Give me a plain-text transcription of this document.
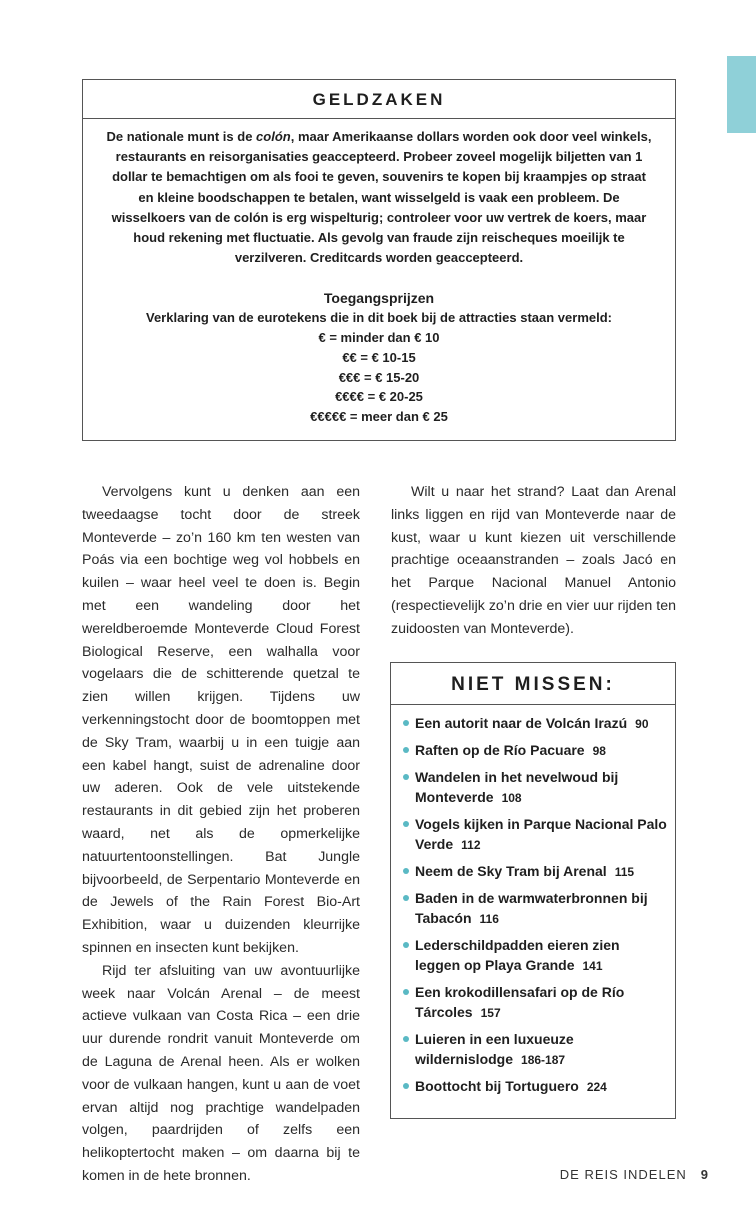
GELDZAKEN
De nationale munt is de colón, maar Amerikaanse dollars worden ook door veel winkels, restaurants en reisorganisaties geaccepteerd. Probeer zoveel mogelijk biljetten van 1 dollar te bemachtigen om als fooi te geven, souvenirs te kopen bij kraampjes op straat en kleine boodschappen te betalen, want wisselgeld is vaak een probleem. De wisselkoers van de colón is erg wispelturig; controleer voor uw vertrek de koers, maar houd rekening met fluctuatie. Als gevolg van fraude zijn reischeques moeilijk te verzilveren. Creditcards worden geaccepteerd.
Toegangsprijzen
Verklaring van de eurotekens die in dit boek bij de attracties staan vermeld:
€ = minder dan € 10
€€ = € 10-15
€€€ = € 15-20
€€€€ = € 20-25
€€€€€ = meer dan € 25

Vervolgens kunt u denken aan een tweedaagse tocht door de streek Monteverde – zo’n 160 km ten westen van Poás via een bochtige weg vol hobbels en kuilen – waar heel veel te doen is. Begin met een wandeling door het wereldberoemde Monteverde Cloud Forest Biological Reserve, een walhalla voor vogelaars die de schitterende quetzal te zien willen krijgen. Tijdens uw verkenningstocht door de boomtoppen met de Sky Tram, waarbij u in een tuigje aan een kabel hangt, suist de adrenaline door uw aderen. Ook de vele uitstekende restaurants in dit gebied zijn het proberen waard, net als de opmerkelijke natuurtentoonstellingen. Bat Jungle bijvoorbeeld, de Serpentario Monteverde en de Jewels of the Rain Forest Bio-Art Exhibition, waar u duizenden kleurrijke spinnen en insecten kunt bekijken.

Rijd ter afsluiting van uw avontuurlijke week naar Volcán Arenal – de meest actieve vulkaan van Costa Rica – een drie uur durende rondrit vanuit Monteverde om de Laguna de Arenal heen. Als er wolken voor de vulkaan hangen, kunt u aan de voet ervan altijd nog prachtige wandelpaden volgen, paardrijden of zelfs een helikoptertocht maken – om daarna bij te komen in de hete bronnen.

Wilt u naar het strand? Laat dan Arenal links liggen en rijd van Monteverde naar de kust, waar u kunt kiezen uit verschillende prachtige oceaanstranden – zoals Jacó en het Parque Nacional Manuel Antonio (respectievelijk zo’n drie en vier uur rijden ten zuidoosten van Monteverde).

NIET MISSEN:
Een autorit naar de Volcán Irazú 90
Raften op de Río Pacuare 98
Wandelen in het nevelwoud bij Monteverde 108
Vogels kijken in Parque Nacional Palo Verde 112
Neem de Sky Tram bij Arenal 115
Baden in de warmwaterbronnen bij Tabacón 116
Lederschildpadden eieren zien leggen op Playa Grande 141
Een krokodillensafari op de Río Tárcoles 157
Luieren in een luxueuze wildernislodge 186-187
Boottocht bij Tortuguero 224
DE REIS INDELEN 9
